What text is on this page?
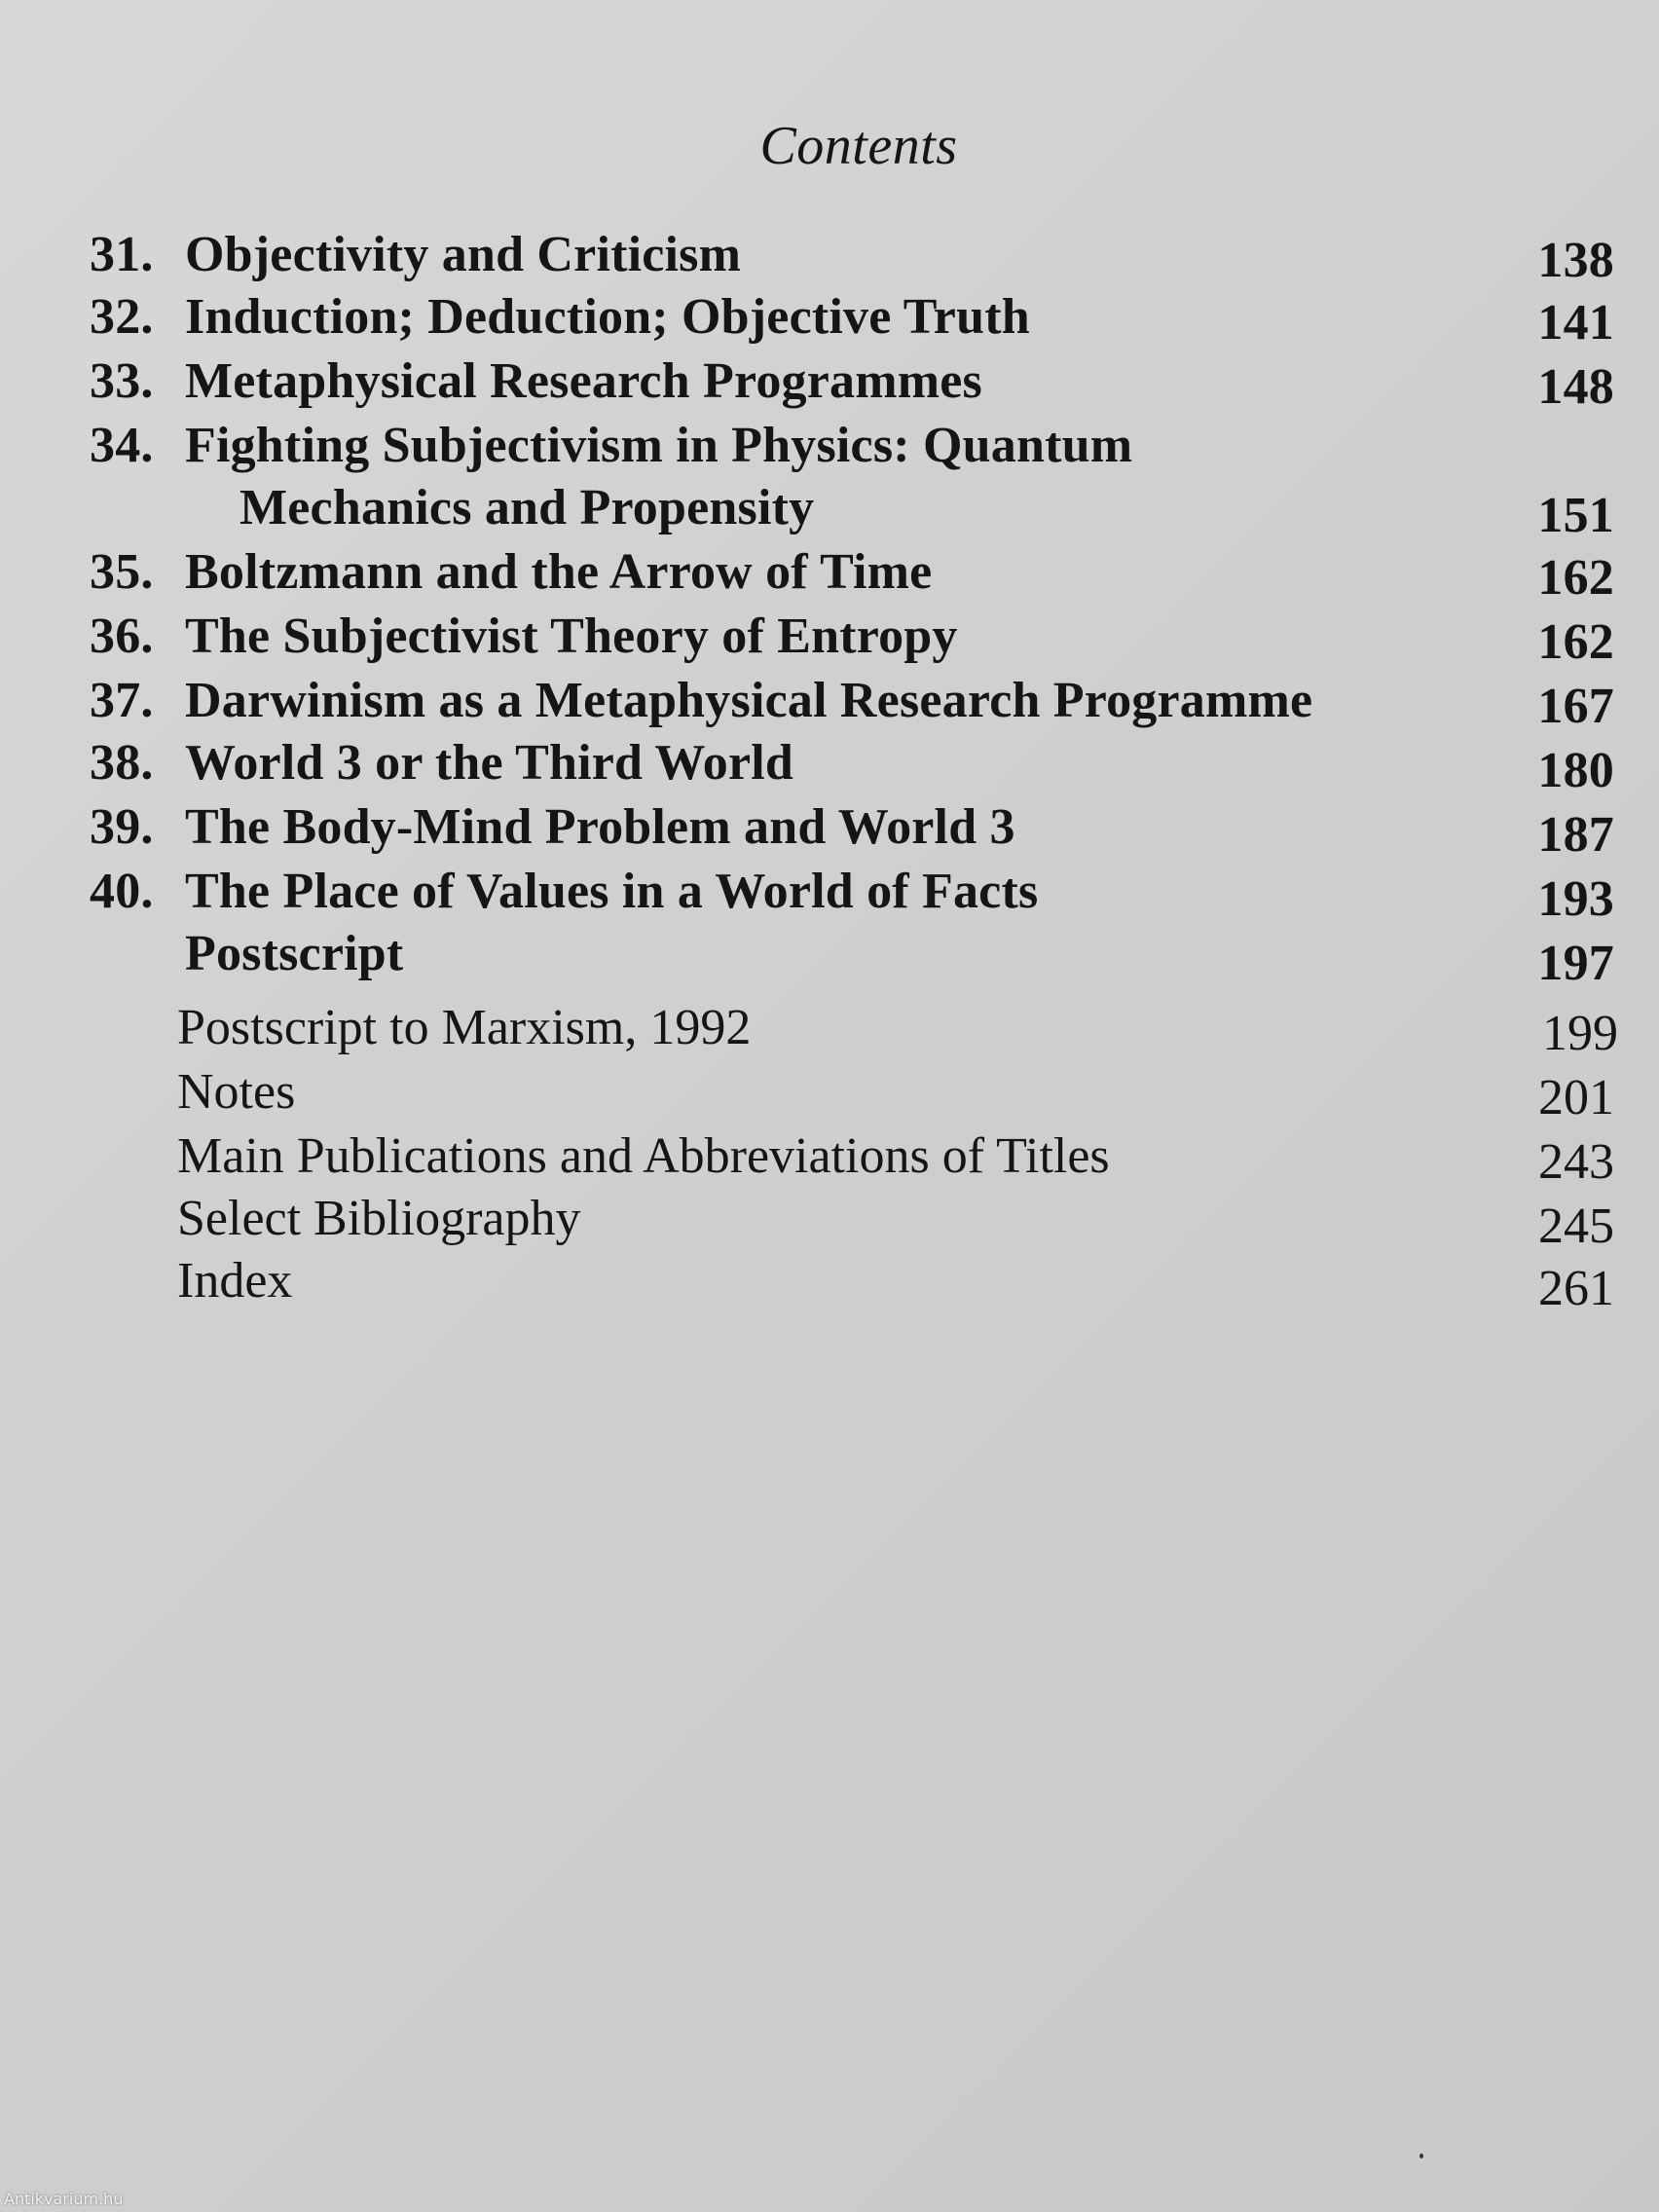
Contents
31. Objectivity and Criticism	138
32. Induction; Deduction; Objective Truth	141
33. Metaphysical Research Programmes	148
34. Fighting Subjectivism in Physics: Quantum
Mechanics and Propensity	151
35. Boltzmann and the Arrow of Time	162
36. The Subjectivist Theory of Entropy	162
37. Darwinism as a Metaphysical Research Programme	167
38. World 3 or the Third World	180
39. The Body-Mind Problem and World 3	187
40. The Place of Values in a World of Facts	193
Postscript	197
Postscript to Marxism, 1992	199
Notes	201
Main Publications and Abbreviations of Titles	243
Select Bibliography	245
Index	261
Antikvarium.hu
